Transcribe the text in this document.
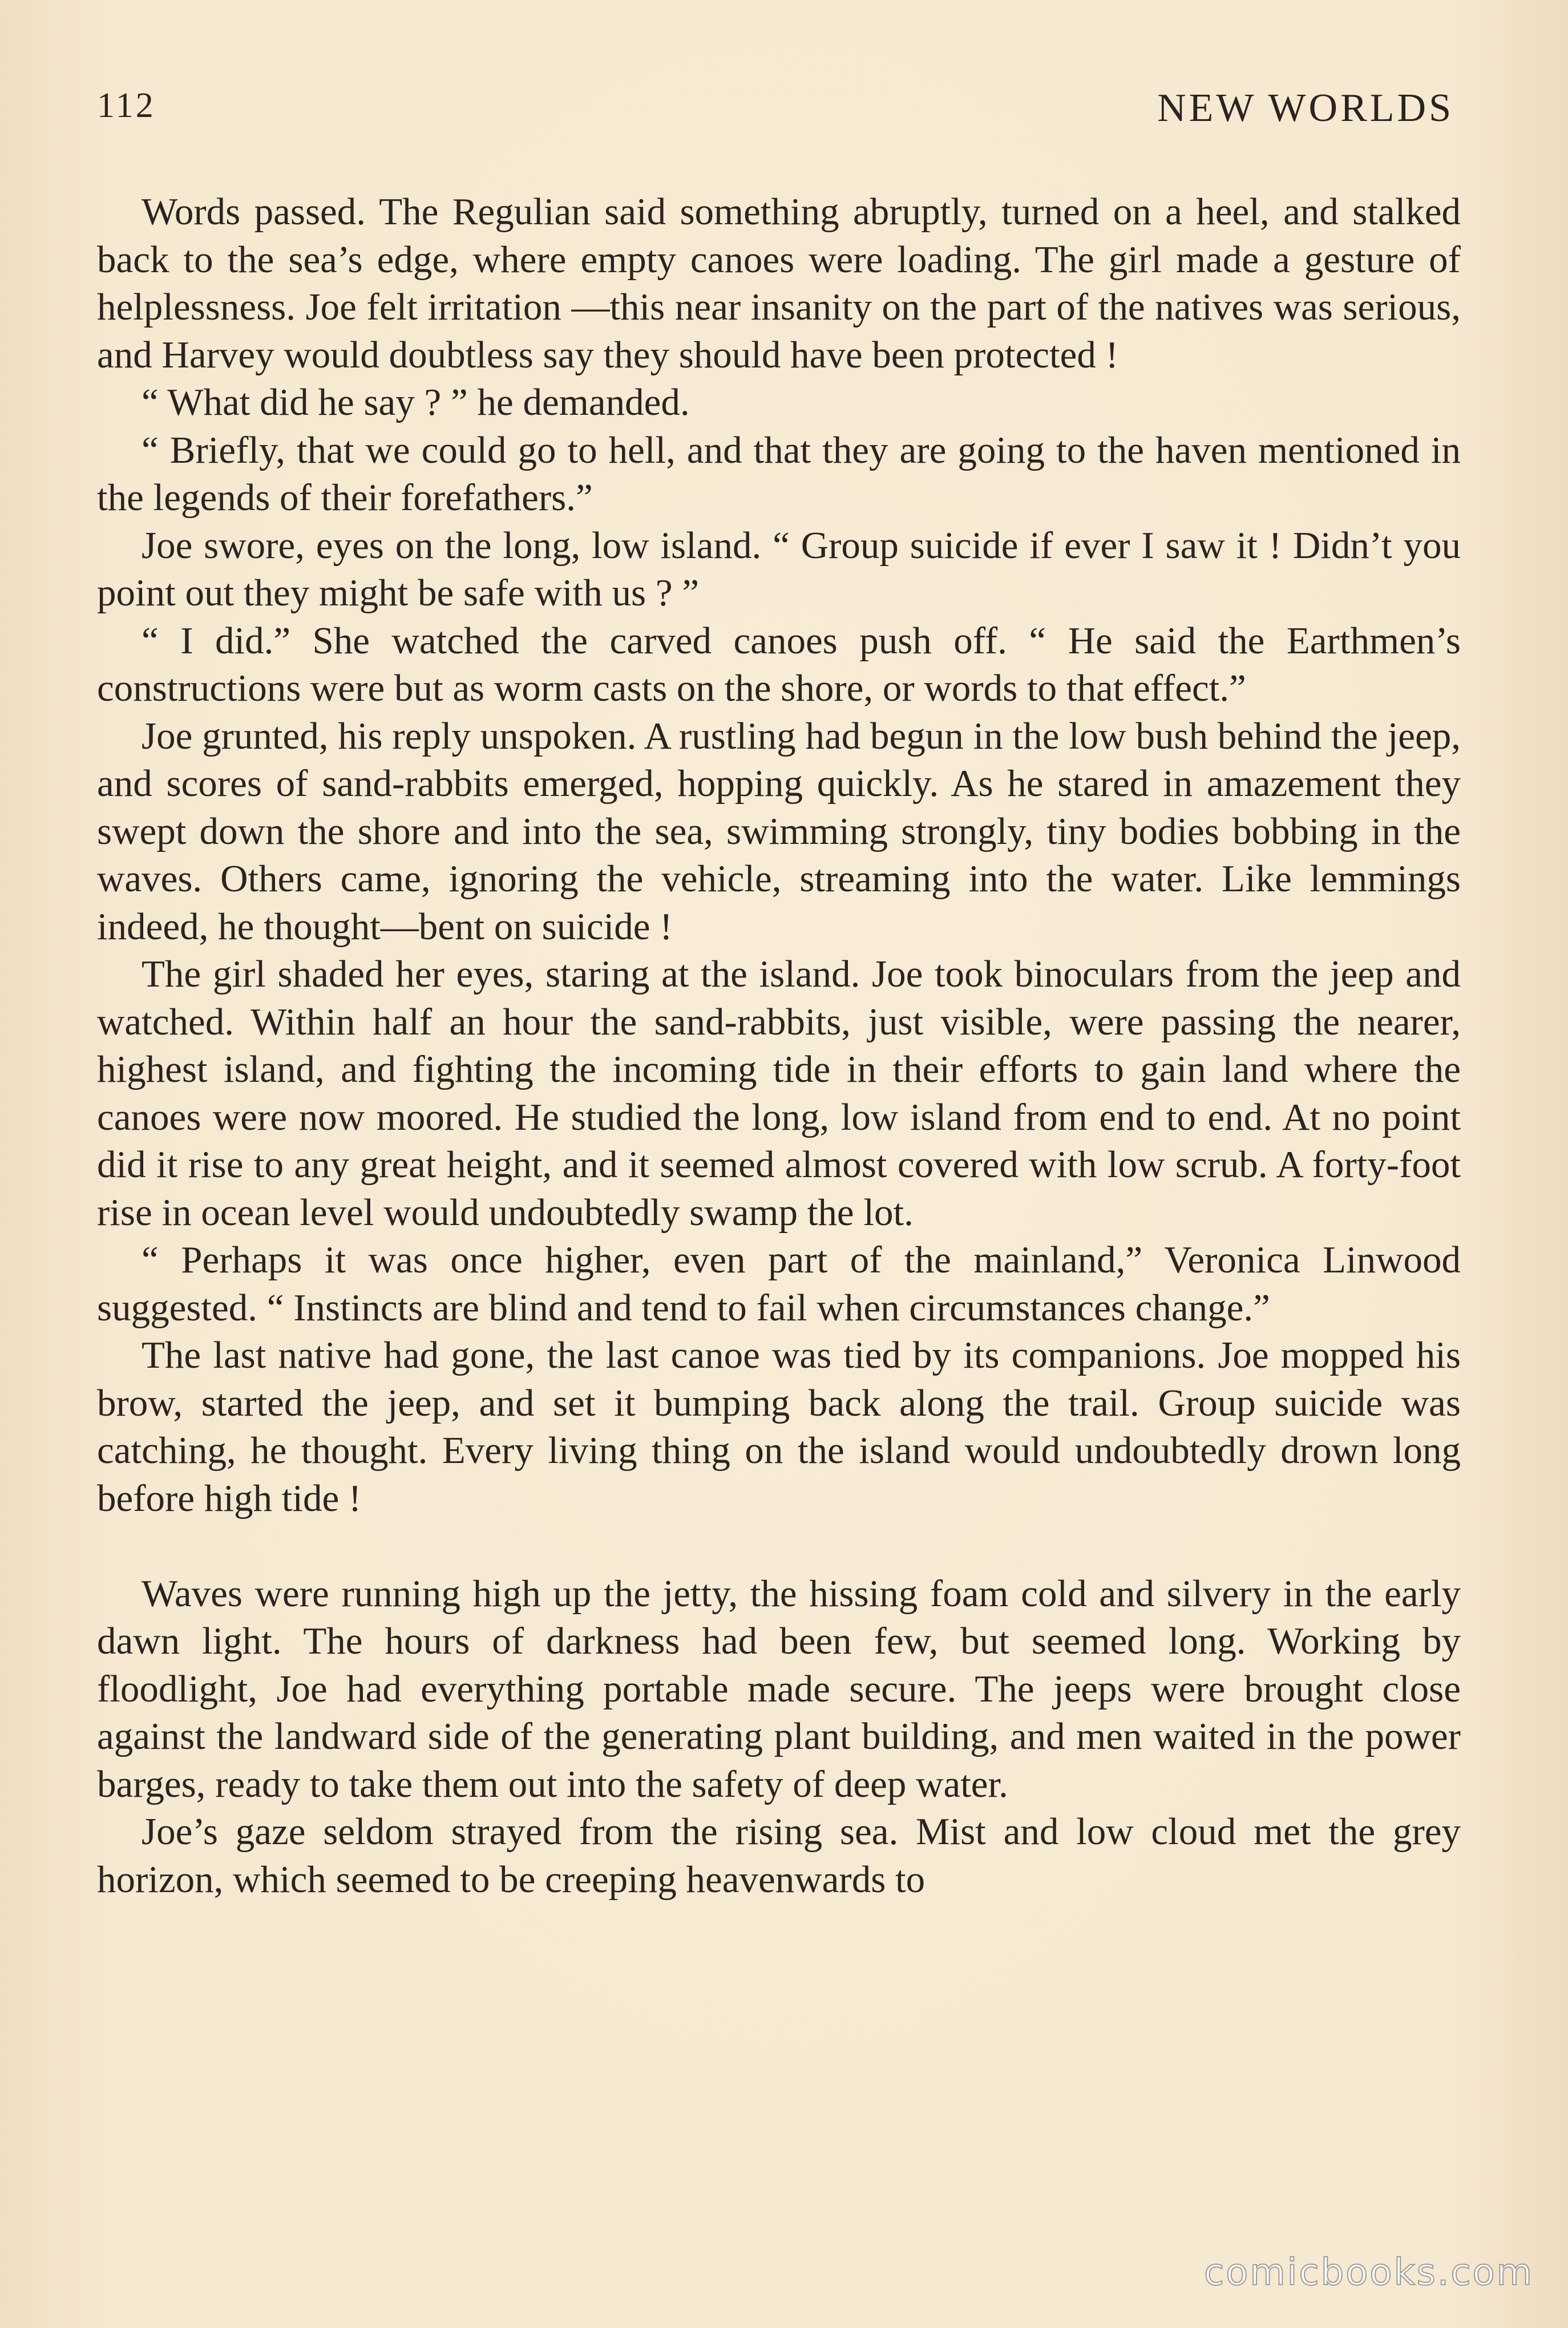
112	NEW WORLDS

Words passed. The Regulian said something abruptly, turned on a heel, and stalked back to the sea’s edge, where empty canoes were loading. The girl made a gesture of helplessness. Joe felt irritation —this near insanity on the part of the natives was serious, and Harvey would doubtless say they should have been protected !

“ What did he say ? ” he demanded.

“ Briefly, that we could go to hell, and that they are going to the haven mentioned in the legends of their forefathers.”

Joe swore, eyes on the long, low island. “ Group suicide if ever I saw it ! Didn’t you point out they might be safe with us ? ”

“ I did.” She watched the carved canoes push off. “ He said the Earthmen’s constructions were but as worm casts on the shore, or words to that effect.”

Joe grunted, his reply unspoken. A rustling had begun in the low bush behind the jeep, and scores of sand-rabbits emerged, hopping quickly. As he stared in amazement they swept down the shore and into the sea, swimming strongly, tiny bodies bobbing in the waves. Others came, ignoring the vehicle, streaming into the water. Like lemmings indeed, he thought—bent on suicide !

The girl shaded her eyes, staring at the island. Joe took binoculars from the jeep and watched. Within half an hour the sand-rabbits, just visible, were passing the nearer, highest island, and fighting the incoming tide in their efforts to gain land where the canoes were now moored. He studied the long, low island from end to end. At no point did it rise to any great height, and it seemed almost covered with low scrub. A forty-foot rise in ocean level would undoubtedly swamp the lot.

“ Perhaps it was once higher, even part of the mainland,” Veronica Linwood suggested. “ Instincts are blind and tend to fail when circumstances change.”

The last native had gone, the last canoe was tied by its companions. Joe mopped his brow, started the jeep, and set it bumping back along the trail. Group suicide was catching, he thought. Every living thing on the island would undoubtedly drown long before high tide !

Waves were running high up the jetty, the hissing foam cold and silvery in the early dawn light. The hours of darkness had been few, but seemed long. Working by floodlight, Joe had everything portable made secure. The jeeps were brought close against the landward side of the generating plant building, and men waited in the power barges, ready to take them out into the safety of deep water.

Joe’s gaze seldom strayed from the rising sea. Mist and low cloud met the grey horizon, which seemed to be creeping heavenwards to

comicbooks.com
